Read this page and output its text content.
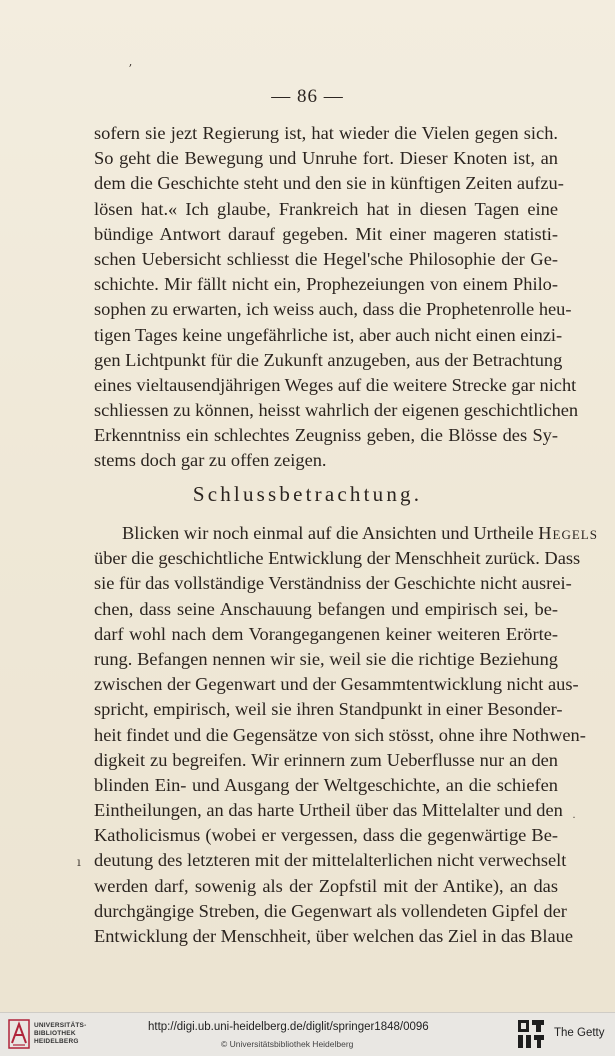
ʼ
— 86 —
sofern sie jezt Regierung ist, hat wieder die Vielen gegen sich.
So geht die Bewegung und Unruhe fort. Dieser Knoten ist, an
dem die Geschichte steht und den sie in künftigen Zeiten aufzu-
lösen hat.« Ich glaube, Frankreich hat in diesen Tagen eine
bündige Antwort darauf gegeben. Mit einer mageren statisti-
schen Uebersicht schliesst die Hegel'sche Philosophie der Ge-
schichte. Mir fällt nicht ein, Prophezeiungen von einem Philo-
sophen zu erwarten, ich weiss auch, dass die Prophetenrolle heu-
tigen Tages keine ungefährliche ist, aber auch nicht einen einzi-
gen Lichtpunkt für die Zukunft anzugeben, aus der Betrachtung
eines vieltausendjährigen Weges auf die weitere Strecke gar nicht
schliessen zu können, heisst wahrlich der eigenen geschichtlichen
Erkenntniss ein schlechtes Zeugniss geben, die Blösse des Sy-
stems doch gar zu offen zeigen.
Schlussbetrachtung.
Blicken wir noch einmal auf die Ansichten und Urtheile Hegels
über die geschichtliche Entwicklung der Menschheit zurück. Dass
sie für das vollständige Verständniss der Geschichte nicht ausrei-
chen, dass seine Anschauung befangen und empirisch sei, be-
darf wohl nach dem Vorangegangenen keiner weiteren Erörte-
rung. Befangen nennen wir sie, weil sie die richtige Beziehung
zwischen der Gegenwart und der Gesammtentwicklung nicht aus-
spricht, empirisch, weil sie ihren Standpunkt in einer Besonder-
heit findet und die Gegensätze von sich stösst, ohne ihre Nothwen-
digkeit zu begreifen. Wir erinnern zum Ueberflusse nur an den
blinden Ein- und Ausgang der Weltgeschichte, an die schiefen
Eintheilungen, an das harte Urtheil über das Mittelalter und den
Katholicismus (wobei er vergessen, dass die gegenwärtige Be-
deutung des letzteren mit der mittelalterlichen nicht verwechselt
werden darf, sowenig als der Zopfstil mit der Antike), an das
durchgängige Streben, die Gegenwart als vollendeten Gipfel der
Entwicklung der Menschheit, über welchen das Ziel in das Blaue
˙
ı
UNIVERSITÄTS-
BIBLIOTHEK
HEIDELBERG
http://digi.ub.uni-heidelberg.de/diglit/springer1848/0096
© Universitätsbibliothek Heidelberg
The Getty
